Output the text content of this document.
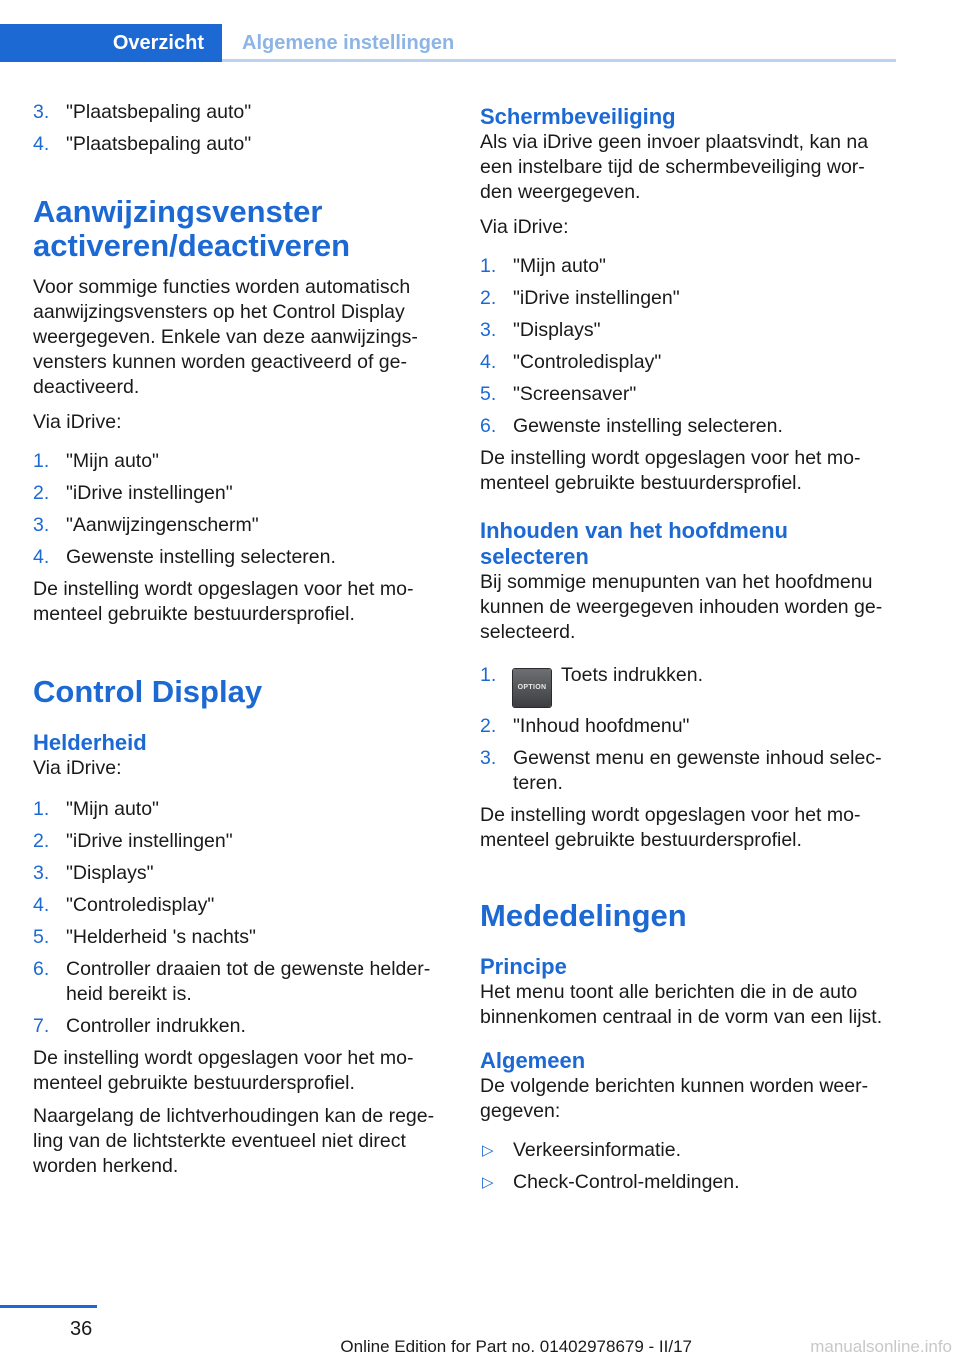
Overzicht	Algemene instellingen
3. "Plaatsbepaling auto"
4. "Plaatsbepaling auto"
Aanwijzingsvenster activeren/deactiveren
Voor sommige functies worden automatisch aanwijzingsvensters op het Control Display weergegeven. Enkele van deze aanwijzings-vensters kunnen worden geactiveerd of ge-deactiveerd.
Via iDrive:
1. "Mijn auto"
2. "iDrive instellingen"
3. "Aanwijzingenscherm"
4. Gewenste instelling selecteren.
De instelling wordt opgeslagen voor het mo-menteel gebruikte bestuurdersprofiel.
Control Display
Helderheid
Via iDrive:
1. "Mijn auto"
2. "iDrive instellingen"
3. "Displays"
4. "Controledisplay"
5. "Helderheid 's nachts"
6. Controller draaien tot de gewenste helder-heid bereikt is.
7. Controller indrukken.
De instelling wordt opgeslagen voor het mo-menteel gebruikte bestuurdersprofiel.
Naargelang de lichtverhoudingen kan de rege-ling van de lichtsterkte eventueel niet direct worden herkend.
Schermbeveiliging
Als via iDrive geen invoer plaatsvindt, kan na een instelbare tijd de schermbeveiliging wor-den weergegeven.
Via iDrive:
1. "Mijn auto"
2. "iDrive instellingen"
3. "Displays"
4. "Controledisplay"
5. "Screensaver"
6. Gewenste instelling selecteren.
De instelling wordt opgeslagen voor het mo-menteel gebruikte bestuurdersprofiel.
Inhouden van het hoofdmenu selecteren
Bij sommige menupunten van het hoofdmenu kunnen de weergegeven inhouden worden ge-selecteerd.
1.
OPTIONToets indrukken.
2. "Inhoud hoofdmenu"
3. Gewenst menu en gewenste inhoud selec-teren.
De instelling wordt opgeslagen voor het mo-menteel gebruikte bestuurdersprofiel.
Mededelingen
Principe
Het menu toont alle berichten die in de auto binnenkomen centraal in de vorm van een lijst.
Algemeen
De volgende berichten kunnen worden weer-gegeven:
▷ Verkeersinformatie.
▷ Check-Control-meldingen.
36
Online Edition for Part no. 01402978679 - II/17	manualsonline.info
